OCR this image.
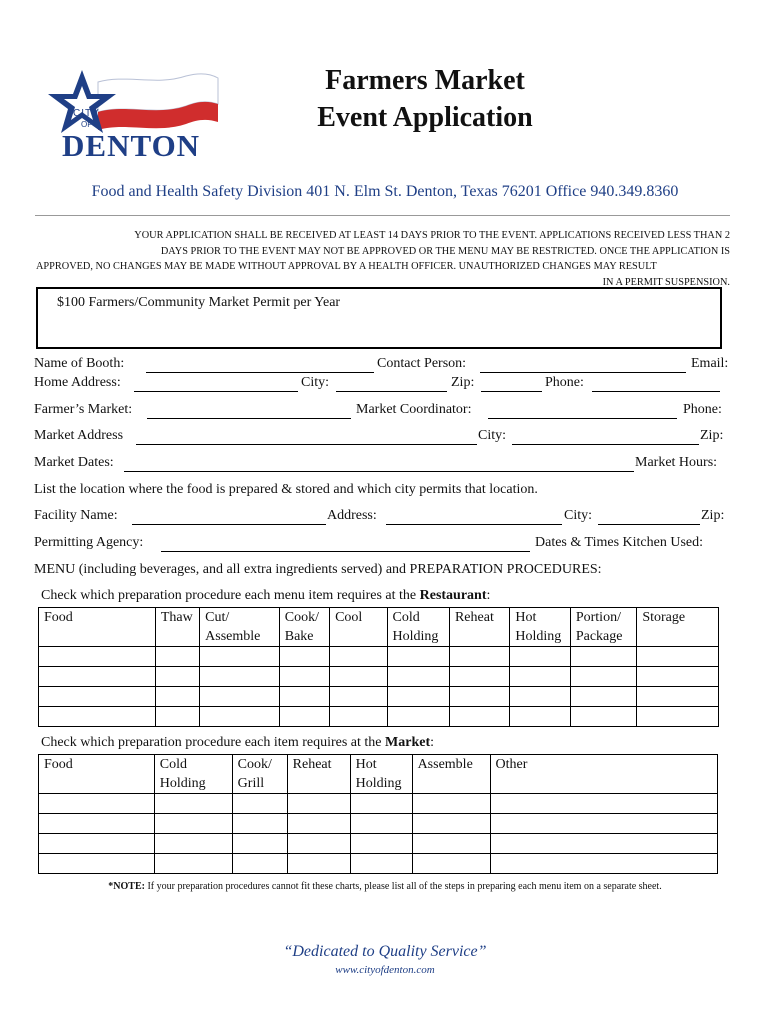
CITY
OF
DENTON
Farmers Market
Event Application
Food and Health Safety Division 401 N. Elm St. Denton, Texas 76201 Office 940.349.8360
YOUR APPLICATION SHALL BE RECEIVED AT LEAST 14 DAYS PRIOR TO THE EVENT. APPLICATIONS RECEIVED LESS THAN 2
DAYS PRIOR TO THE EVENT MAY NOT BE APPROVED OR THE MENU MAY BE RESTRICTED. ONCE THE APPLICATION IS
APPROVED, NO CHANGES MAY BE MADE WITHOUT APPROVAL BY A HEALTH OFFICER. UNAUTHORIZED CHANGES MAY RESULT
IN A PERMIT SUSPENSION.
$100 Farmers/Community Market Permit per Year
Name of Booth:	Contact Person:	Email:
Home Address:	City:	Zip:	Phone:
Farmer’s Market:	Market Coordinator:	Phone:
Market Address	City:	Zip:
Market Dates:	Market Hours:
List the location where the food is prepared & stored and which city permits that location.
Facility Name:	Address:	City:	Zip:
Permitting Agency:	Dates & Times Kitchen Used:
MENU (including beverages, and all extra ingredients served) and PREPARATION PROCEDURES:
Check which preparation procedure each menu item requires at the Restaurant:
Food	Thaw	Cut/ Assemble	Cook/ Bake	Cool	Cold Holding	Reheat	Hot Holding	Portion/ Package	Storage

Check which preparation procedure each item requires at the Market:
Food	Cold Holding	Cook/ Grill	Reheat	Hot Holding	Assemble	Other

*NOTE: If your preparation procedures cannot fit these charts, please list all of the steps in preparing each menu item on a separate sheet.
“Dedicated to Quality Service”
www.cityofdenton.com
